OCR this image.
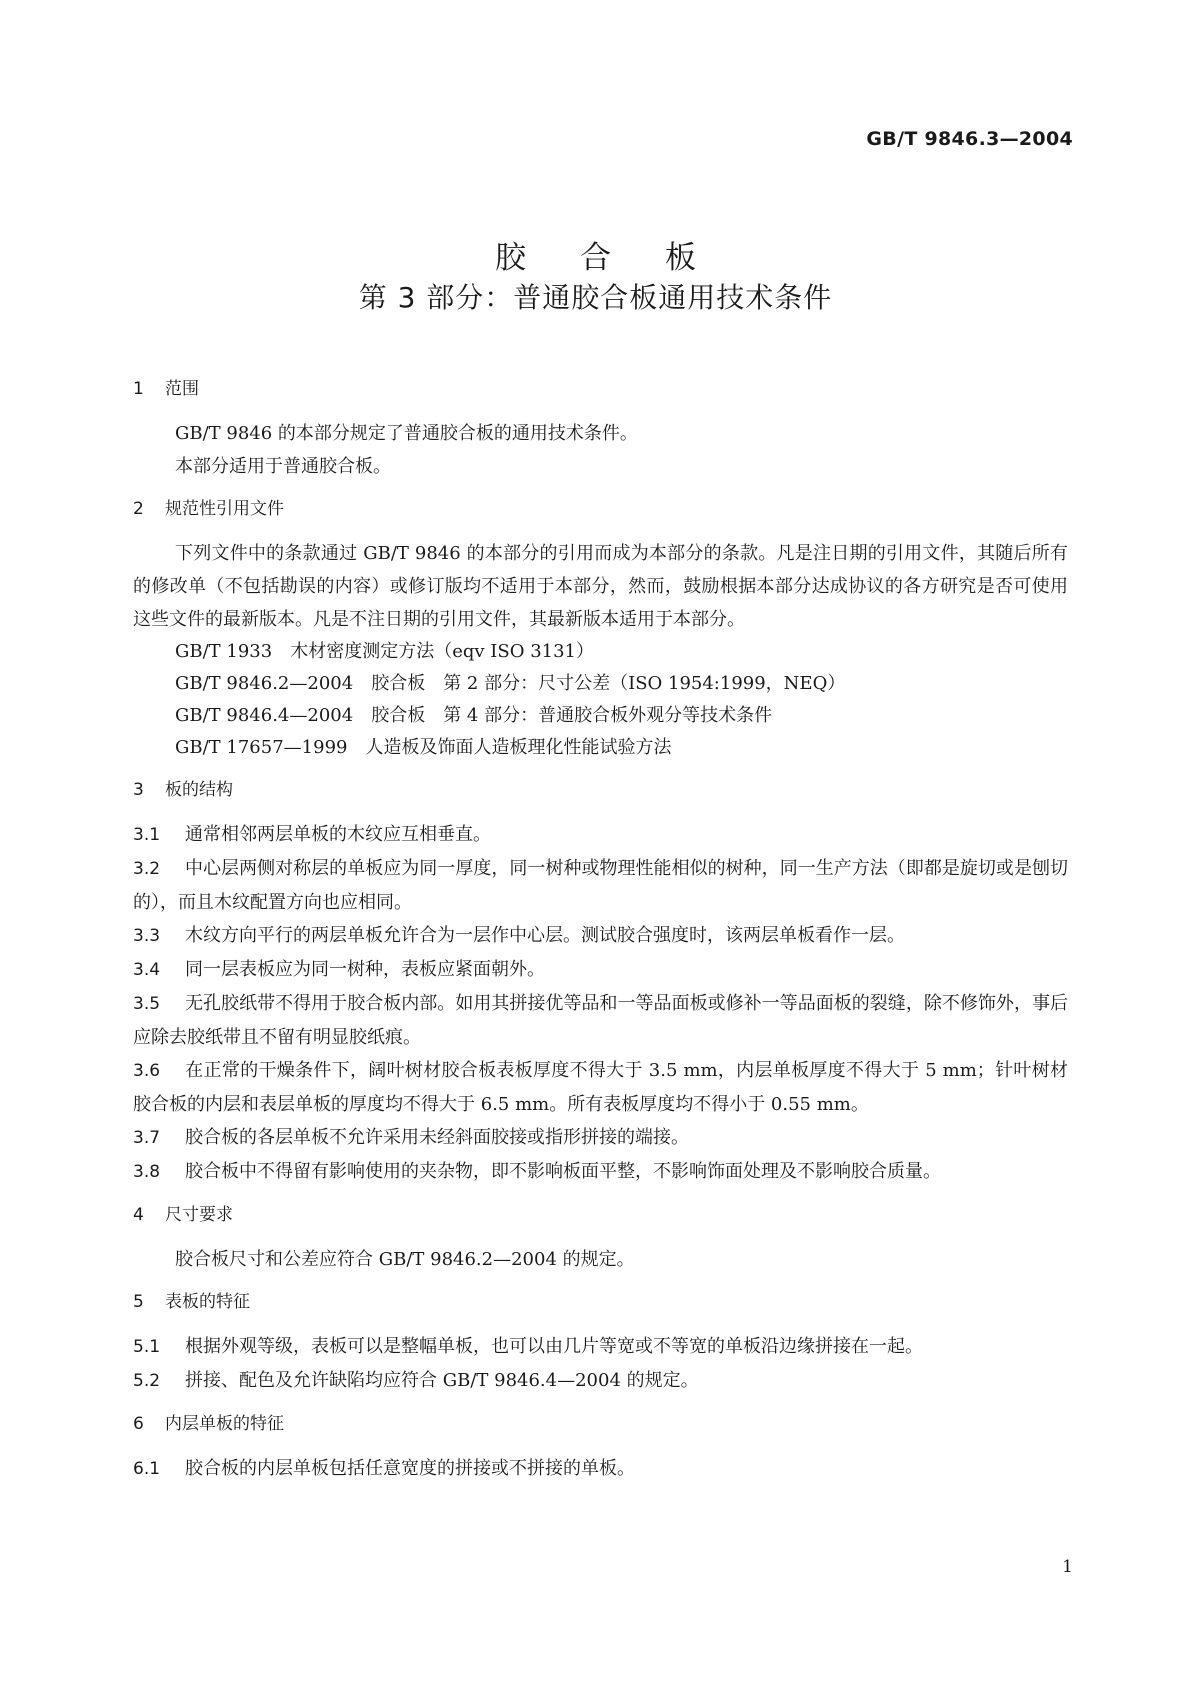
GB/T 9846.3—2004
胶合板
第 3 部分：普通胶合板通用技术条件
1 范围

GB/T 9846 的本部分规定了普通胶合板的通用技术条件。

本部分适用于普通胶合板。

2 规范性引用文件

下列文件中的条款通过 GB/T 9846 的本部分的引用而成为本部分的条款。凡是注日期的引用文件，其随后所有的修改单（不包括勘误的内容）或修订版均不适用于本部分，然而，鼓励根据本部分达成协议的各方研究是否可使用这些文件的最新版本。凡是不注日期的引用文件，其最新版本适用于本部分。

GB/T 1933　木材密度测定方法（eqv ISO 3131）
GB/T 9846.2—2004　胶合板　第 2 部分：尺寸公差（ISO 1954:1999，NEQ）
GB/T 9846.4—2004　胶合板　第 4 部分：普通胶合板外观分等技术条件
GB/T 17657—1999　人造板及饰面人造板理化性能试验方法
3 板的结构

3.1 通常相邻两层单板的木纹应互相垂直。

3.2 中心层两侧对称层的单板应为同一厚度，同一树种或物理性能相似的树种，同一生产方法（即都是旋切或是刨切的），而且木纹配置方向也应相同。

3.3 木纹方向平行的两层单板允许合为一层作中心层。测试胶合强度时，该两层单板看作一层。

3.4 同一层表板应为同一树种，表板应紧面朝外。

3.5 无孔胶纸带不得用于胶合板内部。如用其拼接优等品和一等品面板或修补一等品面板的裂缝，除不修饰外，事后应除去胶纸带且不留有明显胶纸痕。

3.6 在正常的干燥条件下，阔叶树材胶合板表板厚度不得大于 3.5 mm，内层单板厚度不得大于 5 mm；针叶树材胶合板的内层和表层单板的厚度均不得大于 6.5 mm。所有表板厚度均不得小于 0.55 mm。

3.7 胶合板的各层单板不允许采用未经斜面胶接或指形拼接的端接。

3.8 胶合板中不得留有影响使用的夹杂物，即不影响板面平整，不影响饰面处理及不影响胶合质量。

4 尺寸要求

胶合板尺寸和公差应符合 GB/T 9846.2—2004 的规定。

5 表板的特征

5.1 根据外观等级，表板可以是整幅单板，也可以由几片等宽或不等宽的单板沿边缘拼接在一起。

5.2 拼接、配色及允许缺陷均应符合 GB/T 9846.4—2004 的规定。

6 内层单板的特征

6.1 胶合板的内层单板包括任意宽度的拼接或不拼接的单板。

1
